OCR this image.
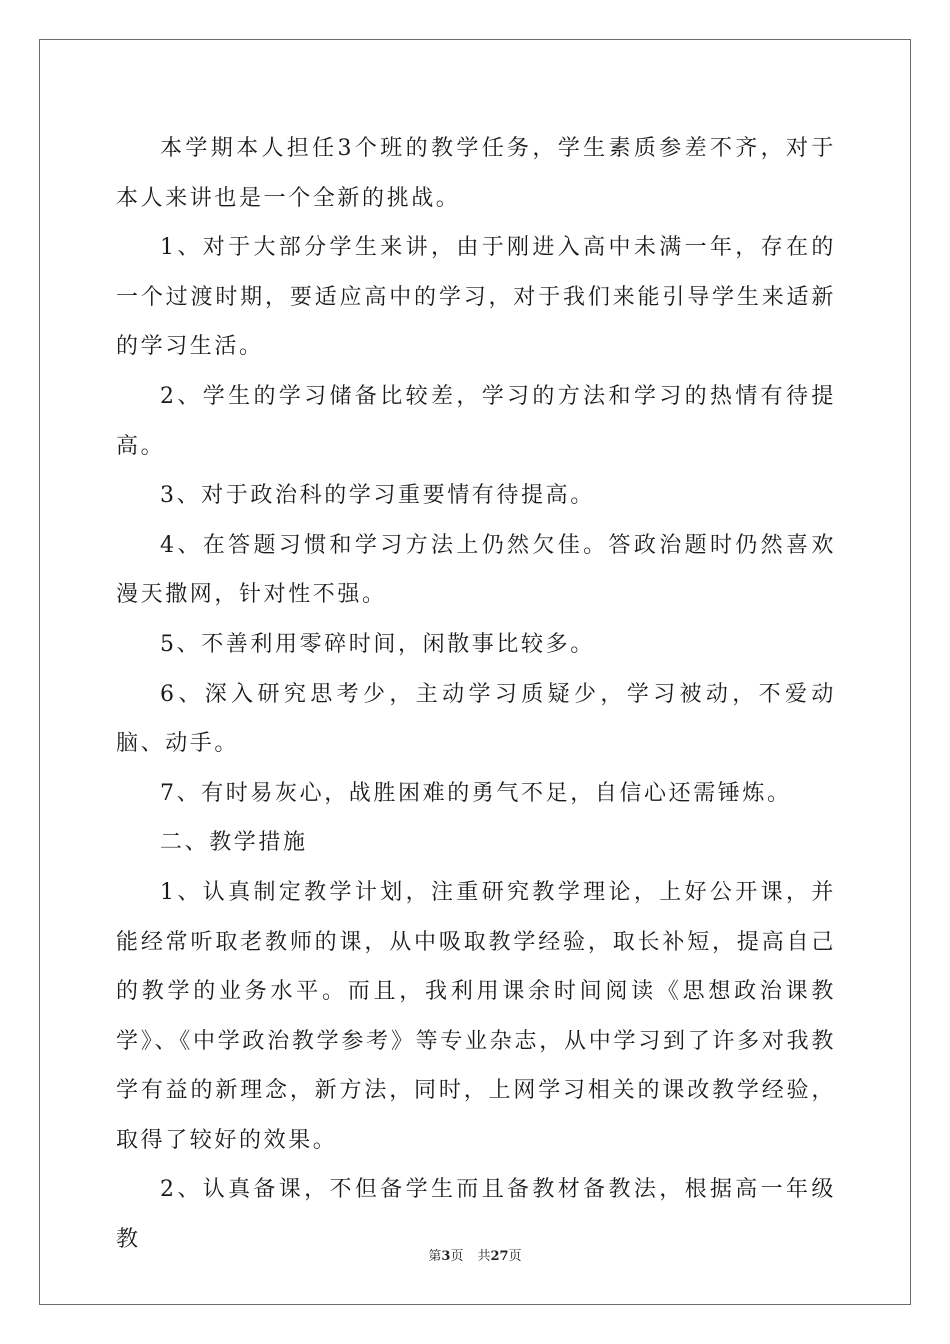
本学期本人担任3个班的教学任务，学生素质参差不齐，对于本人来讲也是一个全新的挑战。

1、对于大部分学生来讲，由于刚进入高中未满一年，存在的一个过渡时期，要适应高中的学习，对于我们来能引导学生来适新的学习生活。

2、学生的学习储备比较差，学习的方法和学习的热情有待提高。

3、对于政治科的学习重要情有待提高。

4、在答题习惯和学习方法上仍然欠佳。答政治题时仍然喜欢漫天撒网，针对性不强。

5、不善利用零碎时间，闲散事比较多。

6、深入研究思考少，主动学习质疑少，学习被动，不爱动脑、动手。

7、有时易灰心，战胜困难的勇气不足，自信心还需锤炼。

二、教学措施

1、认真制定教学计划，注重研究教学理论，上好公开课，并能经常听取老教师的课，从中吸取教学经验，取长补短，提高自己的教学的业务水平。而且，我利用课余时间阅读《思想政治课教学》、《中学政治教学参考》等专业杂志，从中学习到了许多对我教学有益的新理念，新方法，同时，上网学习相关的课改教学经验，取得了较好的效果。

2、认真备课，不但备学生而且备教材备教法，根据高一年级教

第3页 共27页
